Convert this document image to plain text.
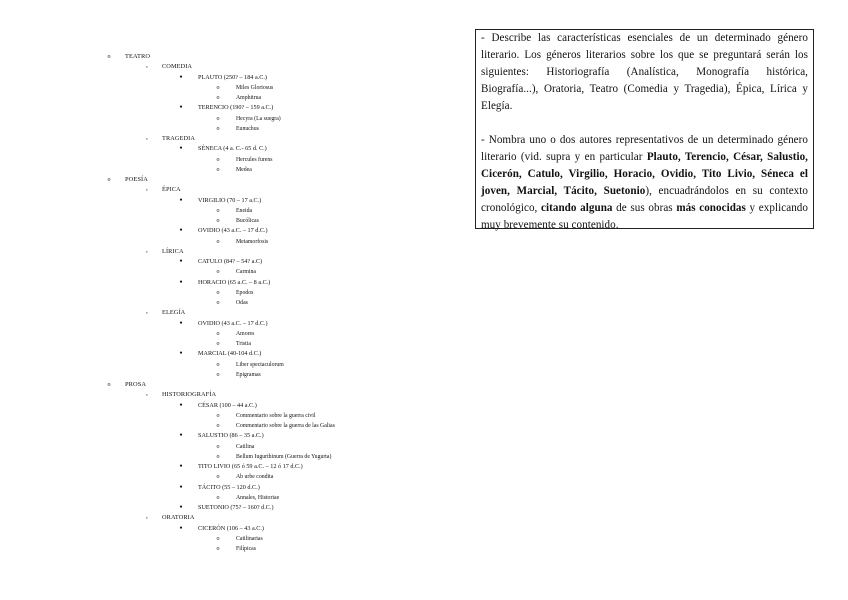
o	TEATRO
▪	COMEDIA
●	PLAUTO (250? – 184 a.C.)
o	Miles Gloriosus
o	Amphitrua
●	TERENCIO (190? – 159 a.C.)
o	Hecyra (La suegra)
o	Eunuchus
▪	TRAGEDIA
●	SÉNECA (4 a. C.- 65 d. C.)
o	Hercules furens
o	Medea
o	POESÍA
▪	ÉPICA
●	VIRGILIO (70 – 17 a.C.)
o	Eneida
o	Bucólicas
●	OVIDIO (43 a.C. – 17 d.C.)
o	Metamorfosis
▪	LÍRICA
●	CATULO (84? – 54? a.C)
o	Carmina
●	HORACIO (65 a.C. – 8 a.C.)
o	Epodos
o	Odas
▪	ELEGÍA
●	OVIDIO (43 a.C. – 17 d.C.)
o	Amores
o	Tristia
●	MARCIAL (40-104 d.C.)
o	Liber spectaculorum
o	Epigramas
o	PROSA
▪	HISTORIOGRAFÍA
●	CÉSAR (100 – 44 a.C.)
o	Commentario sobre la guerra civil
o	Commentario sobre la guerra de las Galias
●	SALUSTIO (86 – 35 a.C.)
o	Catilina
o	Bellum Iugurthinum (Guerra de Yugurta)
●	TITO LIVIO (65 ó 59 a.C. – 12 ó 17 d.C.)
o	Ab urbe condita
●	TÁCITO (55 – 120 d.C.)
o	Annales, Historiae
●	SUETONIO (75? – 160? d.C.)
▪	ORATORIA
●	CICERÓN (106 – 43 a.C.)
o	Catilinarias
o	Filípicas

- Describe las características esenciales de un determinado género literario. Los géneros literarios sobre los que se preguntará serán los siguientes: Historiografía (Analística, Monografía histórica, Biografía...), Oratoria, Teatro (Comedia y Tragedia), Épica, Lírica y Elegía.

- Nombra uno o dos autores representativos de un determinado género literario (vid. supra y en particular Plauto, Terencio, César, Salustio, Cicerón, Catulo, Virgilio, Horacio, Ovidio, Tito Livio, Séneca el joven, Marcial, Tácito, Suetonio), encuadrándolos en su contexto cronológico, citando alguna de sus obras más conocidas y explicando muy brevemente su contenido.
